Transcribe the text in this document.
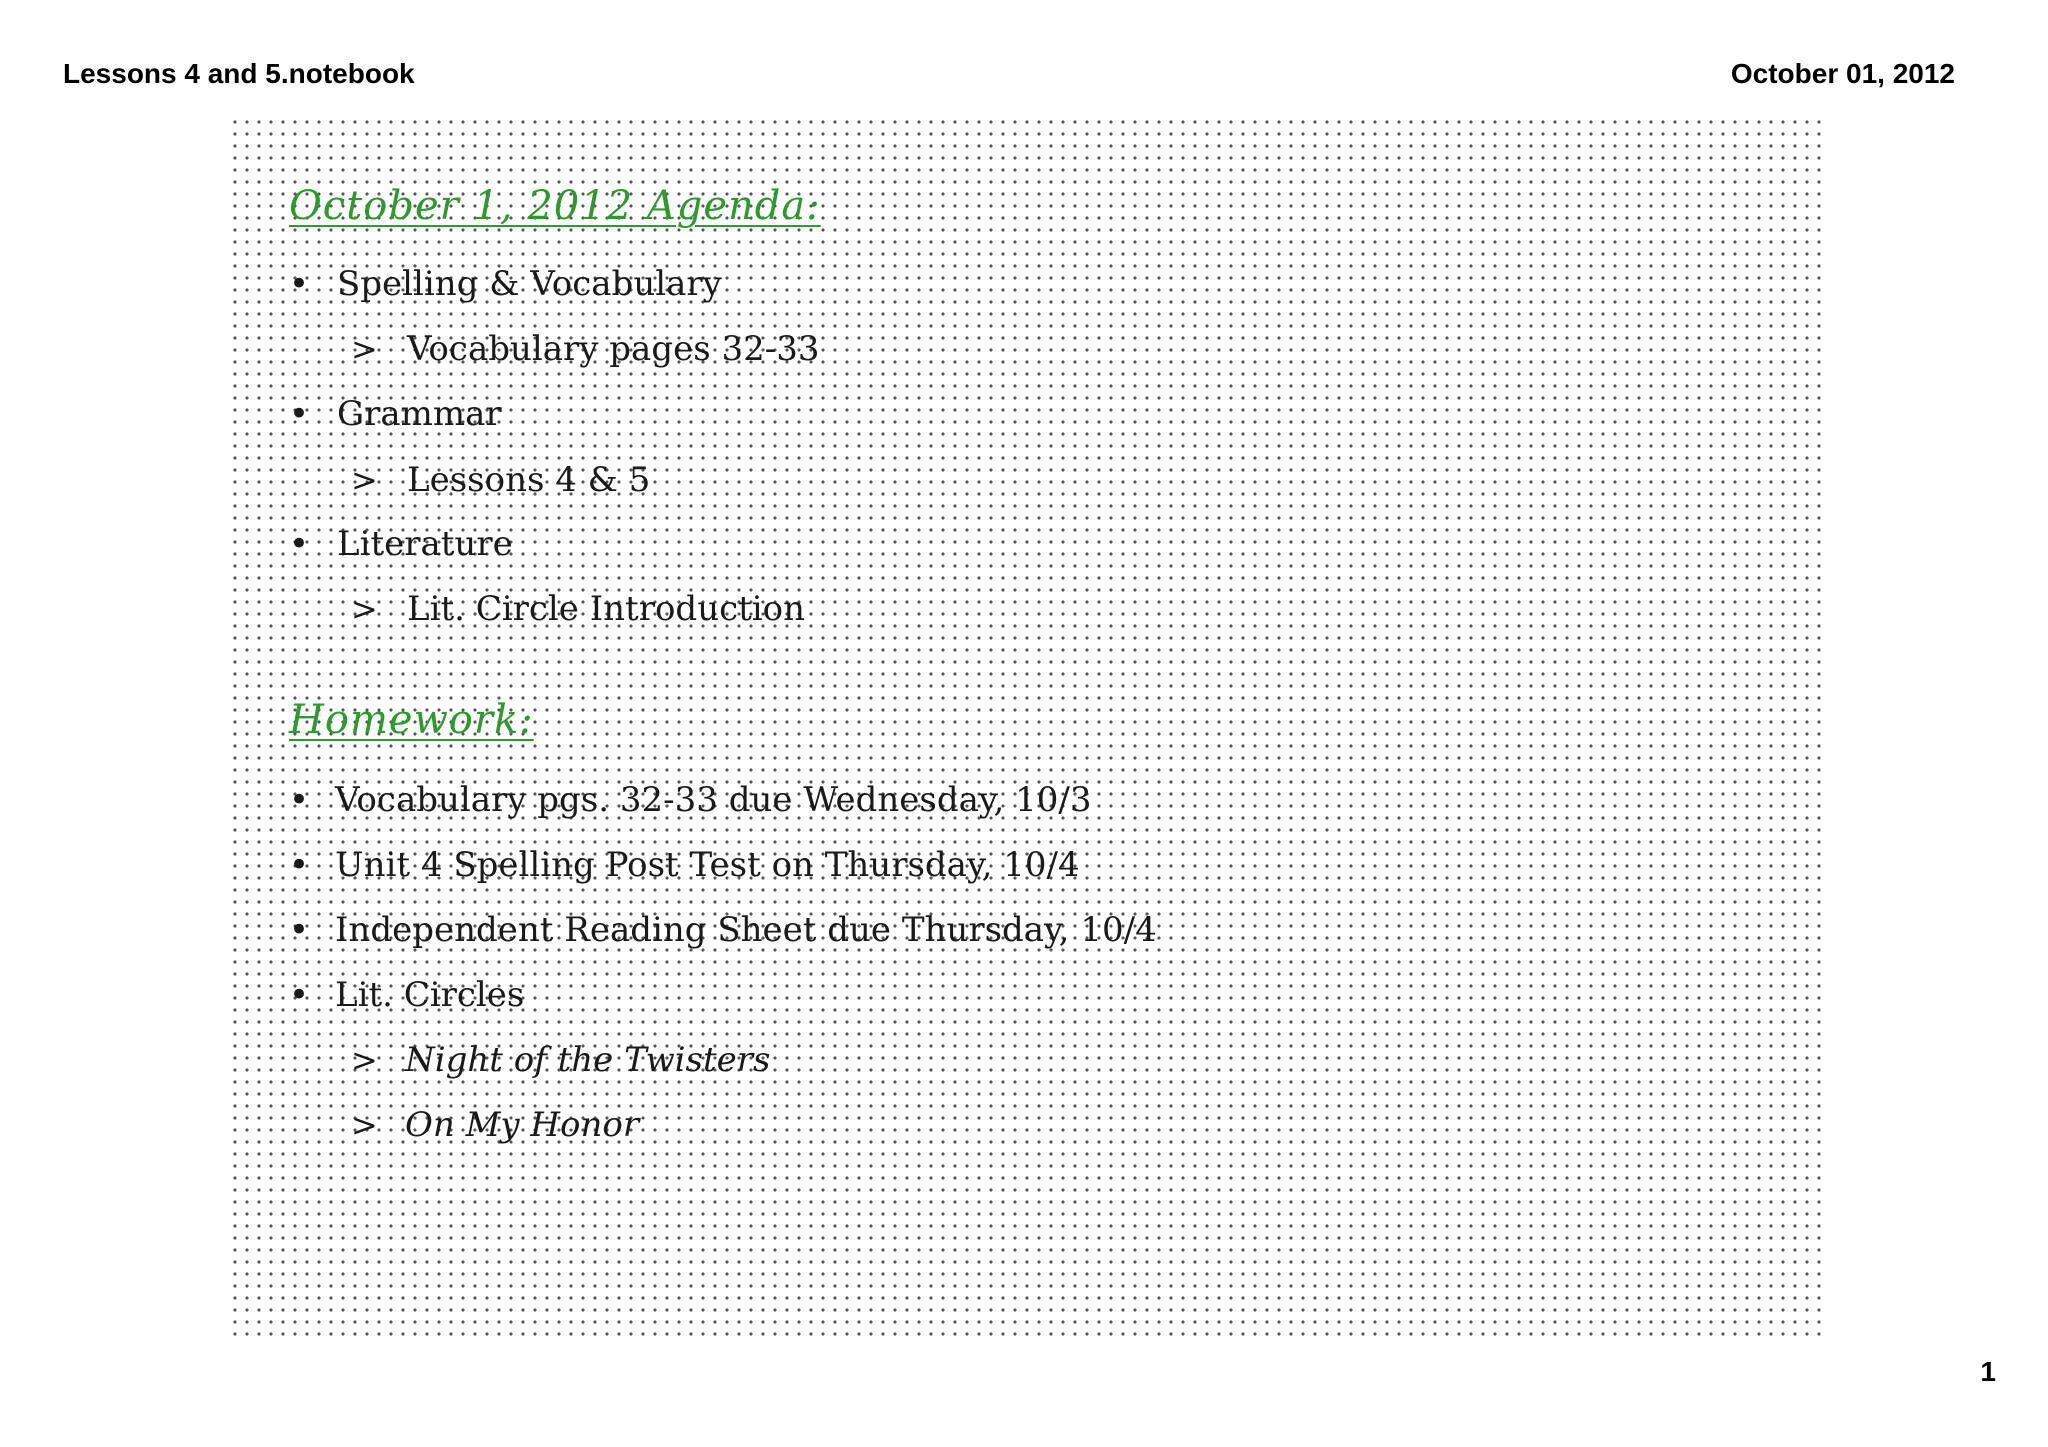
Lessons 4 and 5.notebook	October 01, 2012
October 1, 2012 Agenda:
• Spelling & Vocabulary
> Vocabulary pages 32-33
• Grammar
> Lessons 4 & 5
• Literature
> Lit. Circle Introduction
Homework:
• Vocabulary pgs. 32-33 due Wednesday, 10/3
• Unit 4 Spelling Post Test on Thursday, 10/4
• Independent Reading Sheet due Thursday, 10/4
• Lit. Circles
> Night of the Twisters
> On My Honor
1
